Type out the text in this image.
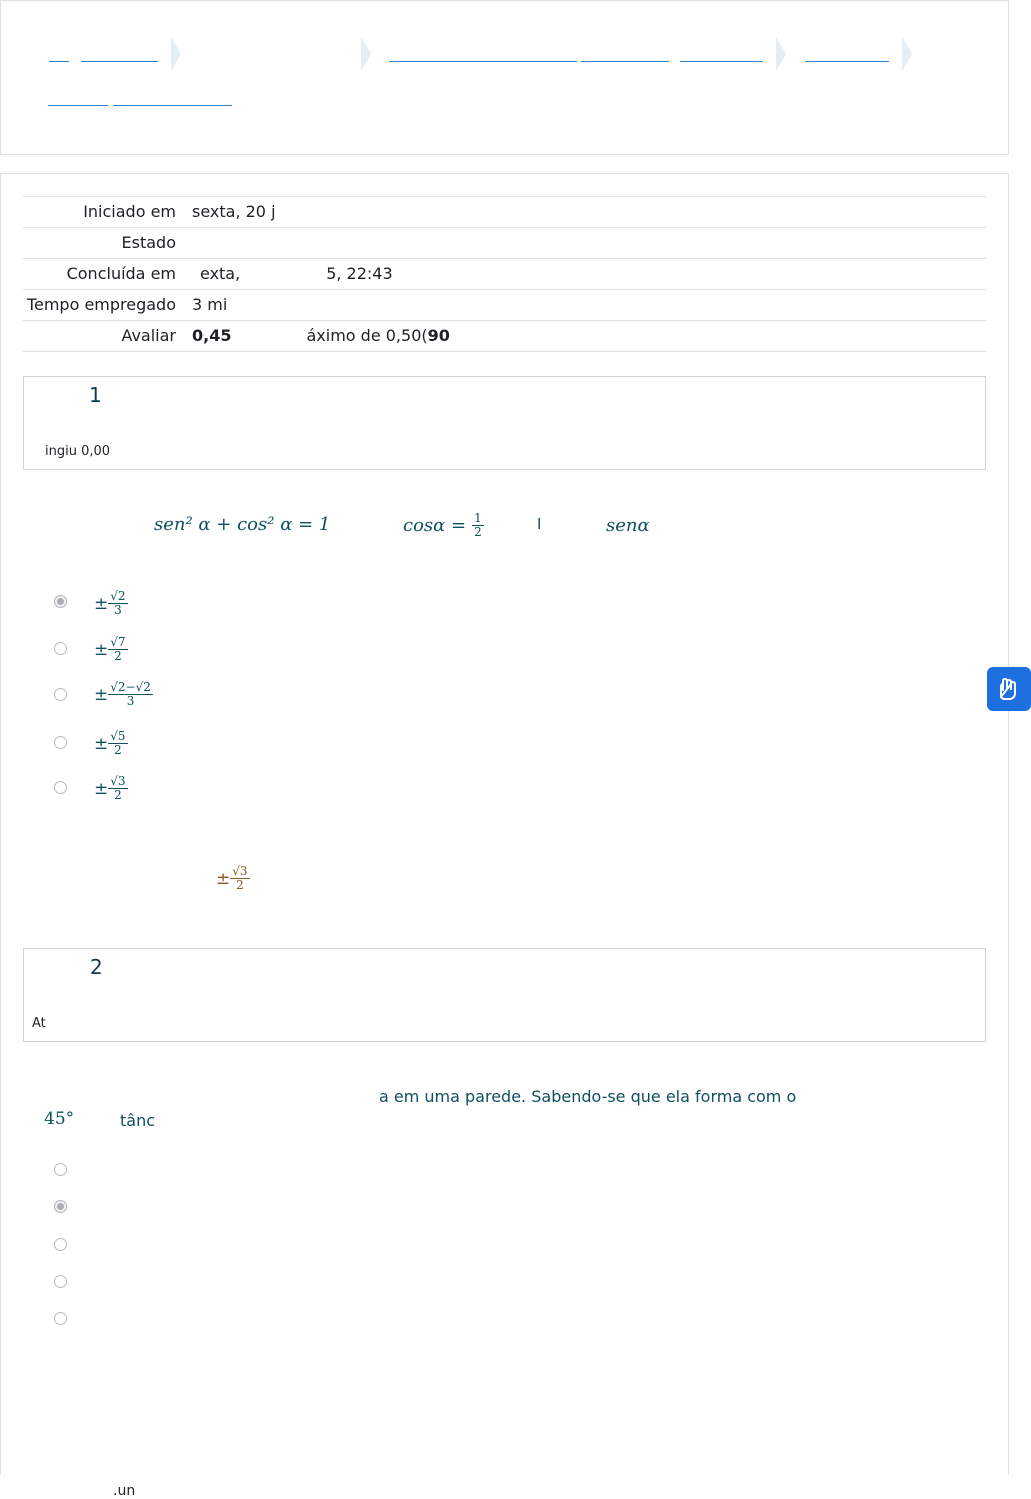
Iniciado em	sexta, 20 j
Estado	
Concluída em	exta, 5, 22:43
Tempo empregado	3 mi
Avaliar	0,45 áximo de 0,50(90
1
ingiu 0,00
sen² α + cos² α = 1	$\cos\alpha = \frac{1}{2}$	I	senα
± $\frac{√2}{3}$
± $\frac{√7}{2}$
± $\frac{√2-√2}{3}$
± $\frac{√5}{2}$
± $\frac{√3}{2}$
± $\frac{√3}{2}$
2
At
a em uma parede. Sabendo-se que ela forma com o
45°	tânc
.un
